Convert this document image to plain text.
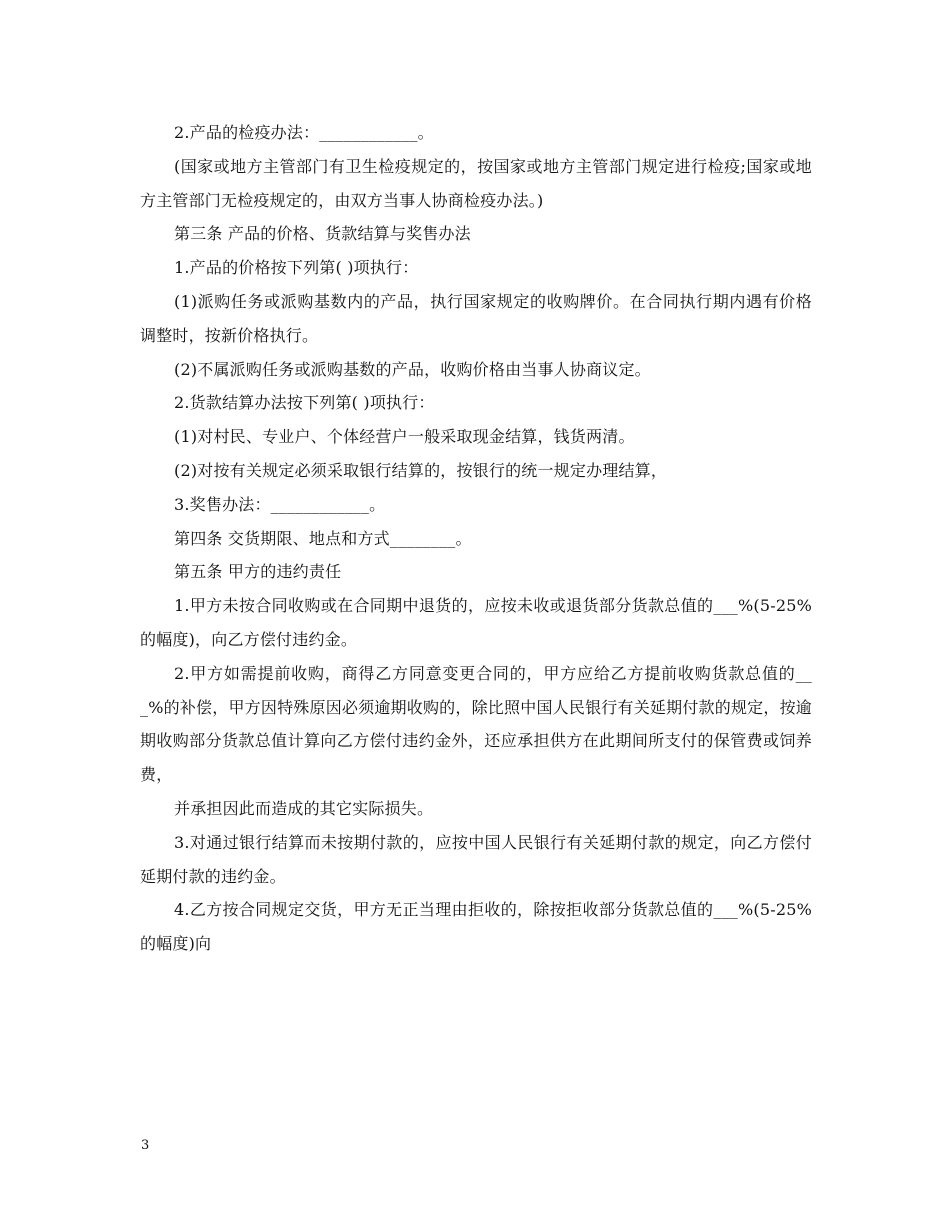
2.产品的检疫办法：____________。

(国家或地方主管部门有卫生检疫规定的，按国家或地方主管部门规定进行检疫;国家或地方主管部门无检疫规定的，由双方当事人协商检疫办法。)

第三条 产品的价格、货款结算与奖售办法

1.产品的价格按下列第( )项执行：

(1)派购任务或派购基数内的产品，执行国家规定的收购牌价。在合同执行期内遇有价格调整时，按新价格执行。

(2)不属派购任务或派购基数的产品，收购价格由当事人协商议定。

2.货款结算办法按下列第( )项执行：

(1)对村民、专业户、个体经营户一般采取现金结算，钱货两清。

(2)对按有关规定必须采取银行结算的，按银行的统一规定办理结算，

3.奖售办法：____________。

第四条 交货期限、地点和方式________。

第五条 甲方的违约责任

1.甲方未按合同收购或在合同期中退货的，应按未收或退货部分货款总值的___%(5-25%的幅度)，向乙方偿付违约金。

2.甲方如需提前收购，商得乙方同意变更合同的，甲方应给乙方提前收购货款总值的___%的补偿，甲方因特殊原因必须逾期收购的，除比照中国人民银行有关延期付款的规定，按逾期收购部分货款总值计算向乙方偿付违约金外，还应承担供方在此期间所支付的保管费或饲养费，

并承担因此而造成的其它实际损失。

3.对通过银行结算而未按期付款的，应按中国人民银行有关延期付款的规定，向乙方偿付延期付款的违约金。

4.乙方按合同规定交货，甲方无正当理由拒收的，除按拒收部分货款总值的___%(5-25%的幅度)向

3
